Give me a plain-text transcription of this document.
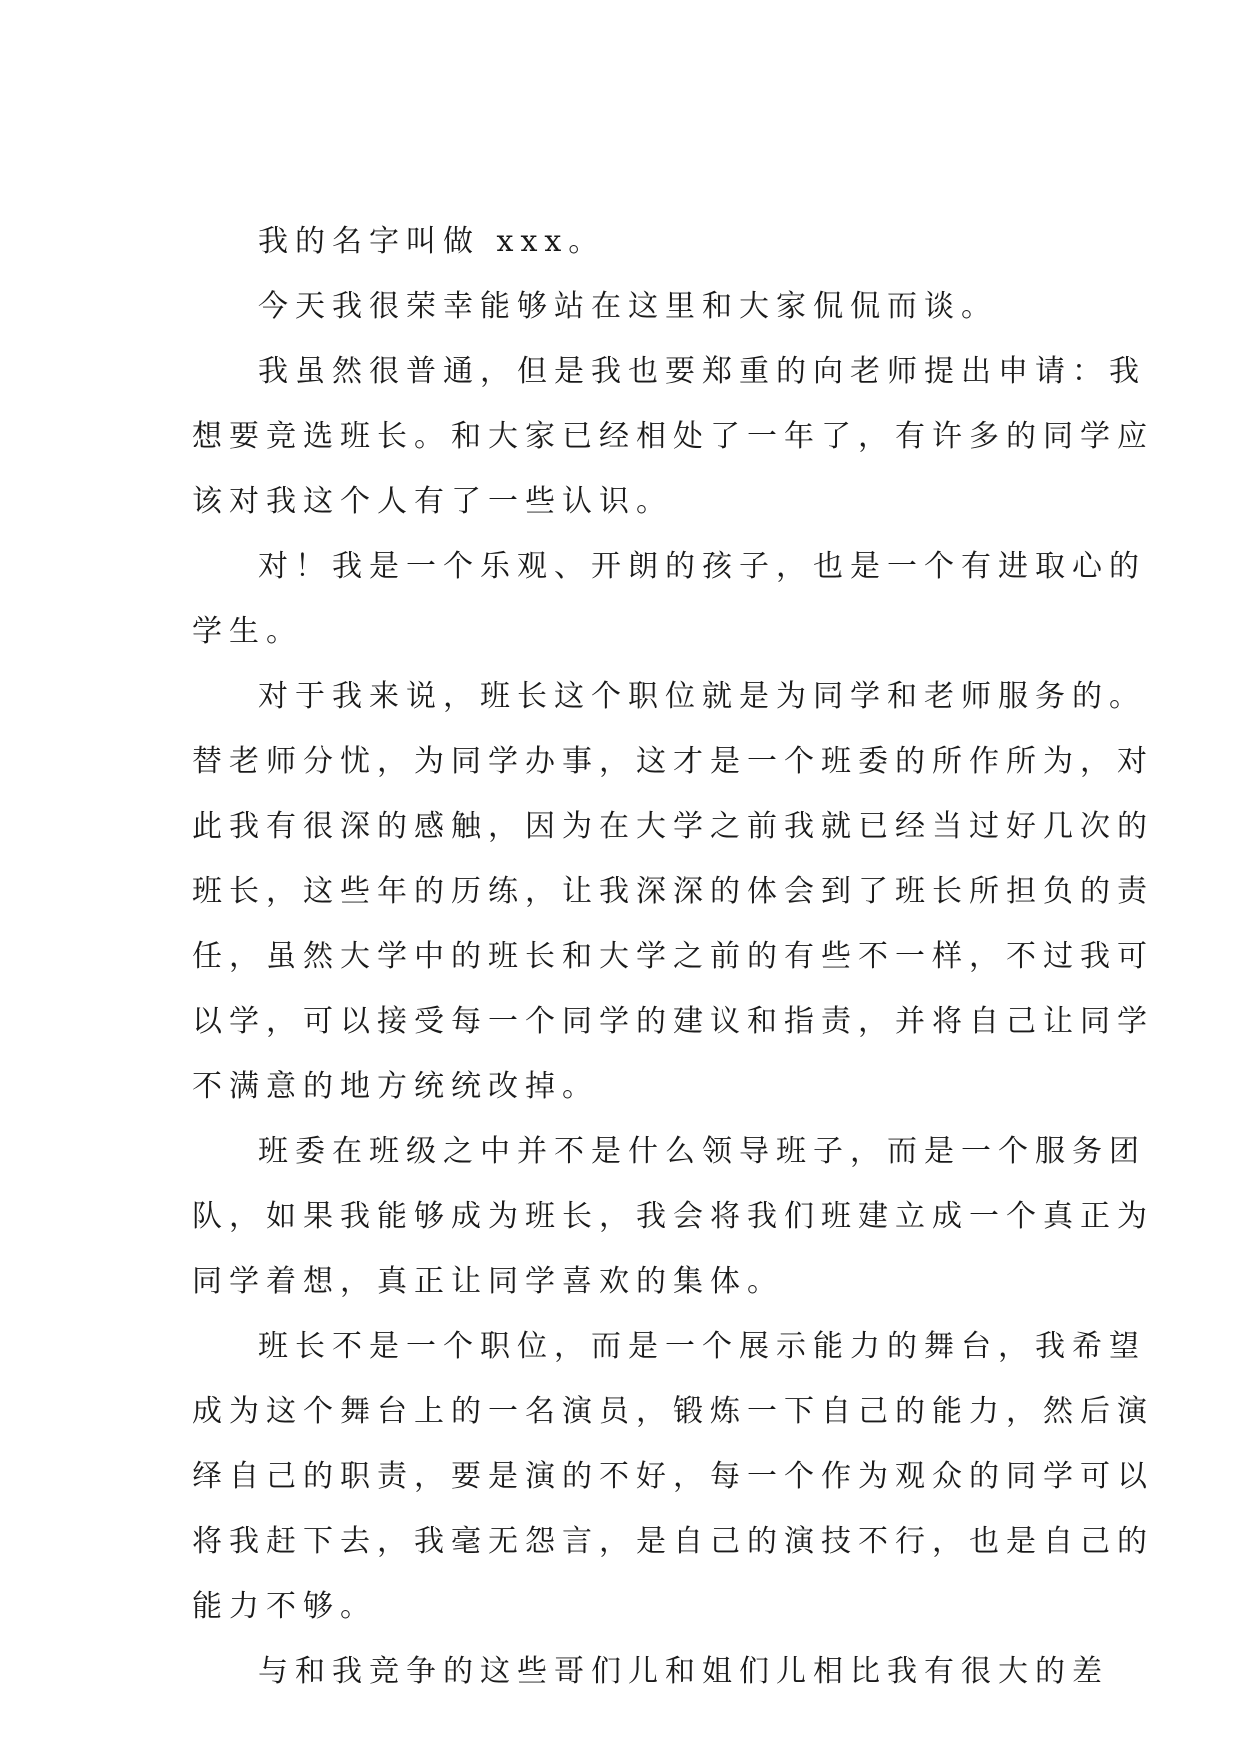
我的名字叫做 xxx。

今天我很荣幸能够站在这里和大家侃侃而谈。

我虽然很普通，但是我也要郑重的向老师提出申请：我

想要竞选班长。和大家已经相处了一年了，有许多的同学应

该对我这个人有了一些认识。

对！我是一个乐观、开朗的孩子，也是一个有进取心的

学生。

对于我来说，班长这个职位就是为同学和老师服务的。

替老师分忧，为同学办事，这才是一个班委的所作所为，对

此我有很深的感触，因为在大学之前我就已经当过好几次的

班长，这些年的历练，让我深深的体会到了班长所担负的责

任，虽然大学中的班长和大学之前的有些不一样，不过我可

以学，可以接受每一个同学的建议和指责，并将自己让同学

不满意的地方统统改掉。

班委在班级之中并不是什么领导班子，而是一个服务团

队，如果我能够成为班长，我会将我们班建立成一个真正为

同学着想，真正让同学喜欢的集体。

班长不是一个职位，而是一个展示能力的舞台，我希望

成为这个舞台上的一名演员，锻炼一下自己的能力，然后演

绎自己的职责，要是演的不好，每一个作为观众的同学可以

将我赶下去，我毫无怨言，是自己的演技不行，也是自己的

能力不够。

与和我竞争的这些哥们儿和姐们儿相比我有很大的差
